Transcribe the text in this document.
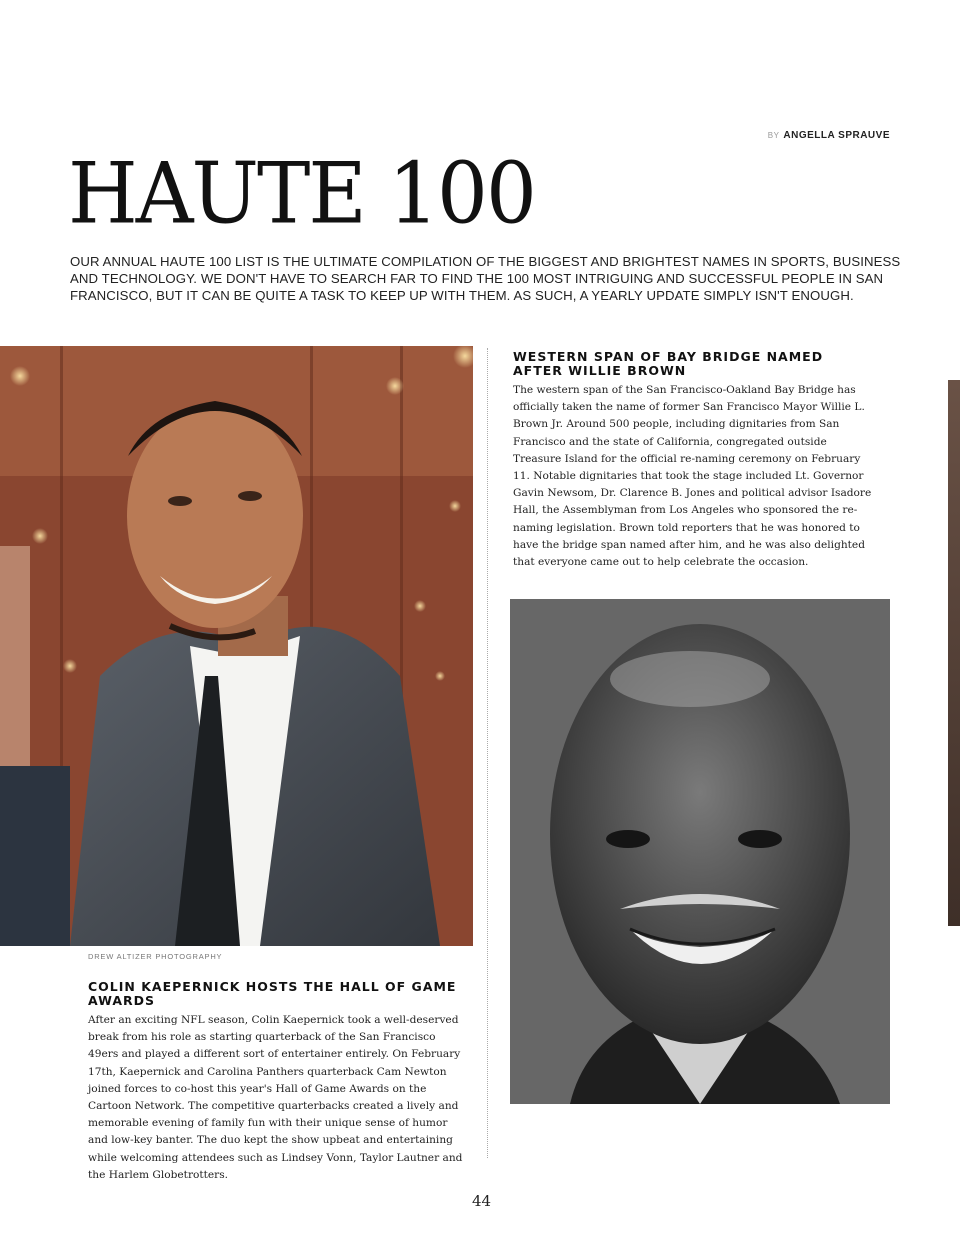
BY ANGELLA SPRAUVE
HAUTE 100

OUR ANNUAL HAUTE 100 LIST IS THE ULTIMATE COMPILATION OF THE BIGGEST AND BRIGHTEST NAMES IN SPORTS, BUSINESS AND TECHNOLOGY. WE DON'T HAVE TO SEARCH FAR TO FIND THE 100 MOST INTRIGUING AND SUCCESSFUL PEOPLE IN SAN FRANCISCO, BUT IT CAN BE QUITE A TASK TO KEEP UP WITH THEM. AS SUCH, A YEARLY UPDATE SIMPLY ISN'T ENOUGH.

DREW ALTIZER PHOTOGRAPHY
WESTERN SPAN OF BAY BRIDGE NAMED AFTER WILLIE BROWN

The western span of the San Francisco-Oakland Bay Bridge has officially taken the name of former San Francisco Mayor Willie L. Brown Jr. Around 500 people, including dignitaries from San Francisco and the state of California, congregated outside Treasure Island for the official re-naming ceremony on February 11. Notable dignitaries that took the stage included Lt. Governor Gavin Newsom, Dr. Clarence B. Jones and political advisor Isadore Hall, the Assemblyman from Los Angeles who sponsored the re-naming legislation. Brown told reporters that he was honored to have the bridge span named after him, and he was also delighted that everyone came out to help celebrate the occasion.

COLIN KAEPERNICK HOSTS THE HALL OF GAME AWARDS

After an exciting NFL season, Colin Kaepernick took a well-deserved break from his role as starting quarterback of the San Francisco 49ers and played a different sort of entertainer entirely. On February 17th, Kaepernick and Carolina Panthers quarterback Cam Newton joined forces to co-host this year's Hall of Game Awards on the Cartoon Network. The competitive quarterbacks created a lively and memorable evening of family fun with their unique sense of humor and low-key banter. The duo kept the show upbeat and entertaining while welcoming attendees such as Lindsey Vonn, Taylor Lautner and the Harlem Globetrotters.

44
